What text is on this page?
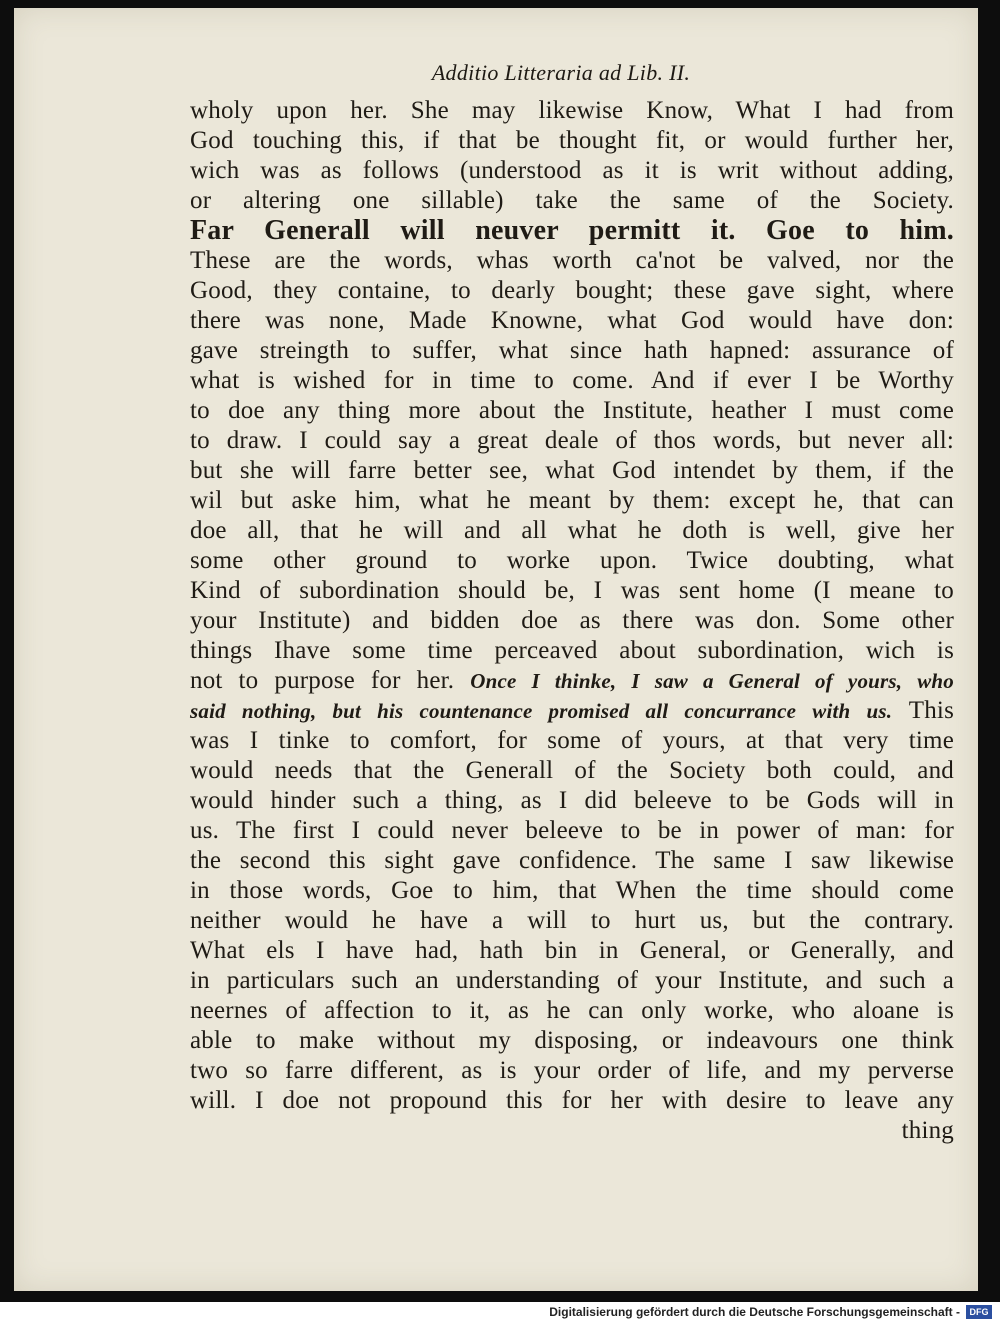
Additio Litteraria ad Lib. II.
wholy upon her. She may likewise Know, What I had from
God touching this, if that be thought fit, or would further her,
wich was as follows (understood as it is writ without adding,
or altering one sillable) take the same of the Society.
Far Generall will neuver permitt it. Goe to him.
These are the words, whas worth ca'not be valved, nor the
Good, they containe, to dearly bought; these gave sight, where
there was none, Made Knowne, what God would have don:
gave streingth to suffer, what since hath hapned: assurance of
what is wished for in time to come. And if ever I be Worthy
to doe any thing more about the Institute, heather I must come
to draw. I could say a great deale of thos words, but never all:
but she will farre better see, what God intendet by them, if the
wil but aske him, what he meant by them: except he, that can
doe all, that he will and all what he doth is well, give her
some other ground to worke upon. Twice doubting, what
Kind of subordination should be, I was sent home (I meane to
your Institute) and bidden doe as there was don. Some other
things Ihave some time perceaved about subordination, wich is
not to purpose for her. Once I thinke, I saw a General of yours, who
said nothing, but his countenance promised all concurrance with us. This
was I tinke to comfort, for some of yours, at that very time
would needs that the Generall of the Society both could, and
would hinder such a thing, as I did beleeve to be Gods will in
us. The first I could never beleeve to be in power of man: for
the second this sight gave confidence. The same I saw likewise
in those words, Goe to him, that When the time should come
neither would he have a will to hurt us, but the contrary.
What els I have had, hath bin in General, or Generally, and
in particulars such an understanding of your Institute, and such a
neernes of affection to it, as he can only worke, who aloane is
able to make without my disposing, or indeavours one think
two so farre different, as is your order of life, and my perverse
will. I doe not propound this for her with desire to leave any
thing
Digitalisierung gefördert durch die Deutsche Forschungsgemeinschaft -	DFG
